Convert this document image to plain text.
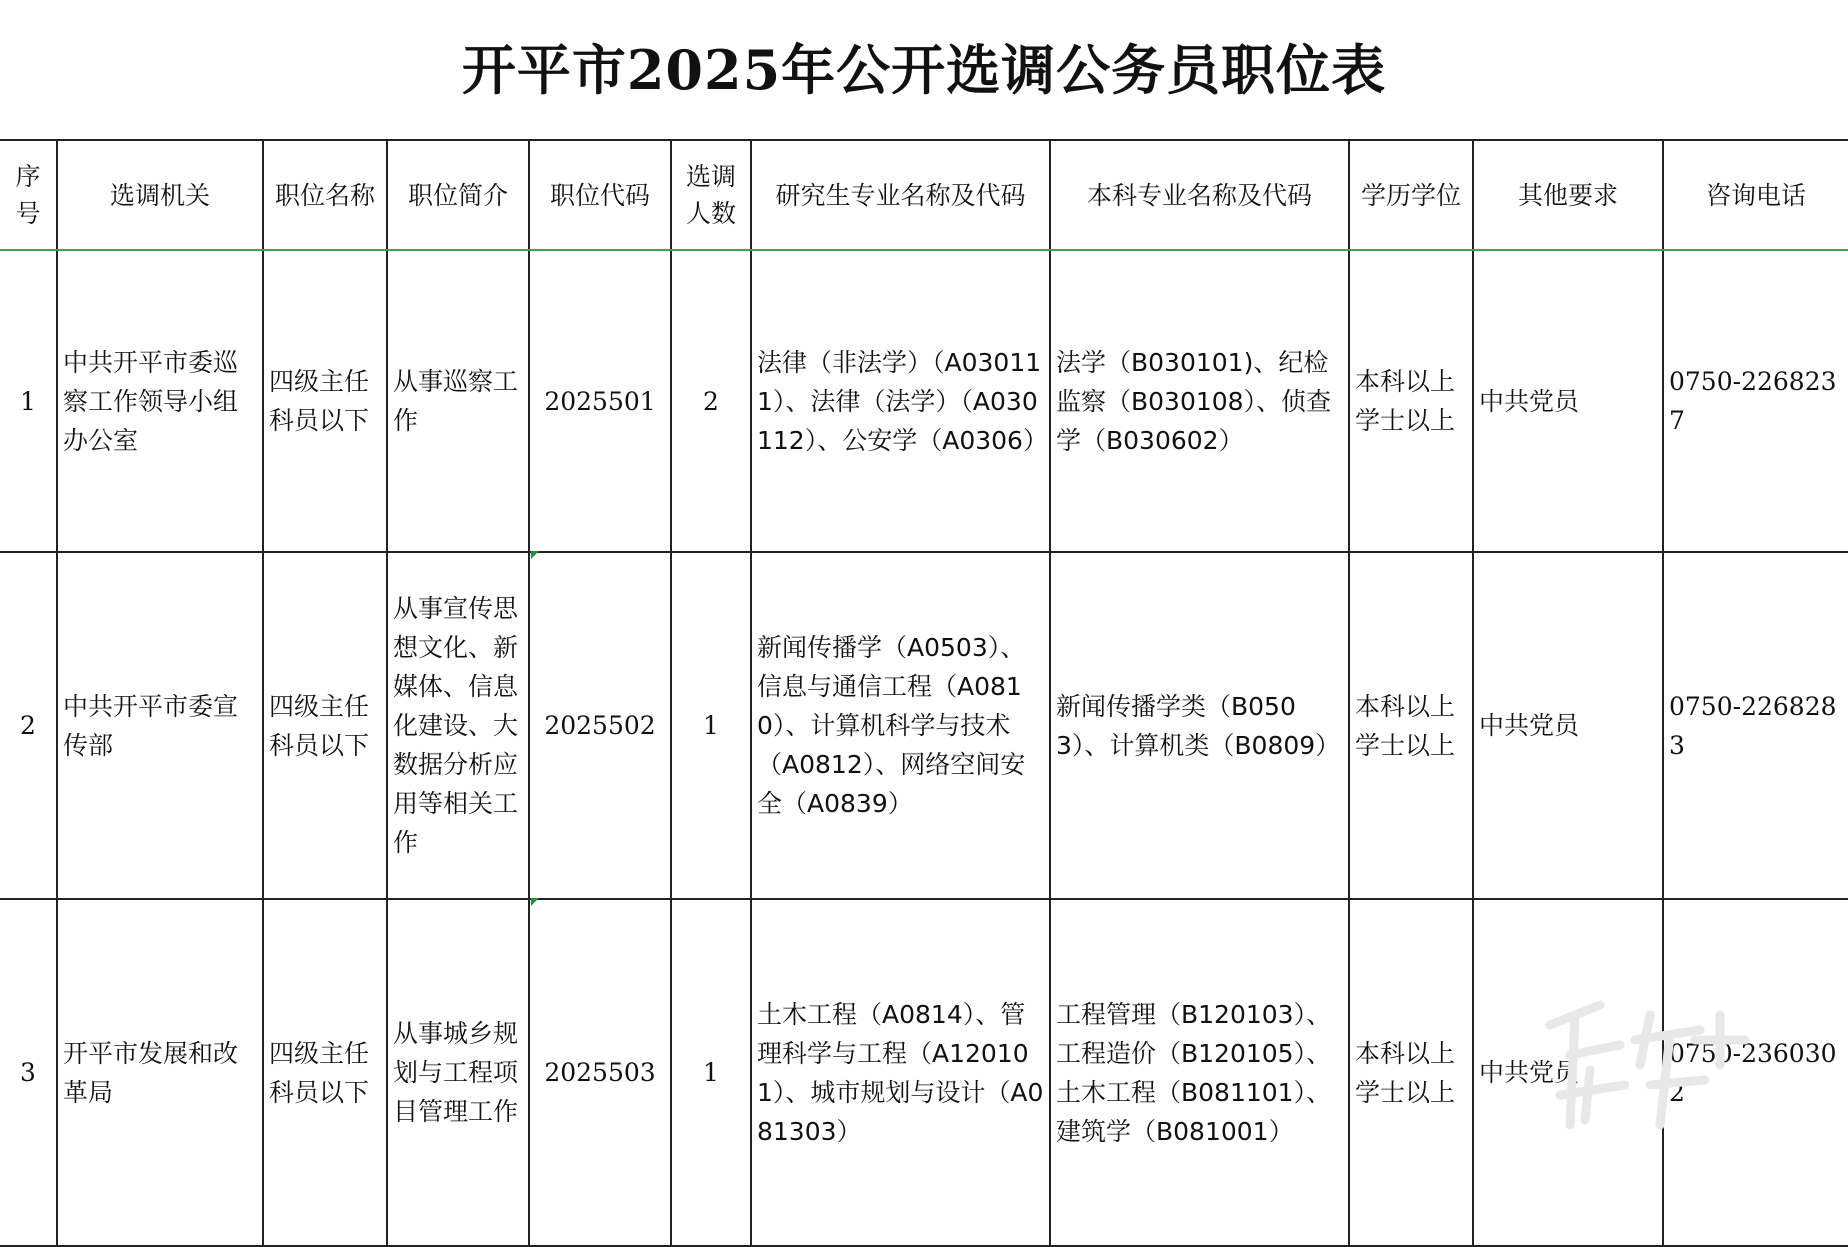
开平市2025年公开选调公务员职位表
序号	选调机关	职位名称	职位简介	职位代码	选调人数	研究生专业名称及代码	本科专业名称及代码	学历学位	其他要求	咨询电话
1	中共开平市委巡察工作领导小组办公室	四级主任科员以下	从事巡察工作	2025501	2	法律（非法学）（A030111）、法律（法学）（A030112）、公安学（A0306）	法学（B030101)、纪检监察（B030108）、侦查学（B030602）	本科以上学士以上	中共党员	0750-2268237
2	中共开平市委宣传部	四级主任科员以下	从事宣传思想文化、新媒体、信息化建设、大数据分析应用等相关工作	2025502	1	新闻传播学（A0503）、信息与通信工程（A0810）、计算机科学与技术（A0812）、网络空间安全（A0839）	新闻传播学类（B0503）、计算机类（B0809）	本科以上学士以上	中共党员	0750-2268283
3	开平市发展和改革局	四级主任科员以下	从事城乡规划与工程项目管理工作	2025503	1	土木工程（A0814）、管理科学与工程（A120101）、城市规划与设计（A081303）	工程管理（B120103）、工程造价（B120105）、土木工程（B081101）、建筑学（B081001）	本科以上学士以上	中共党员	0750-2360302
